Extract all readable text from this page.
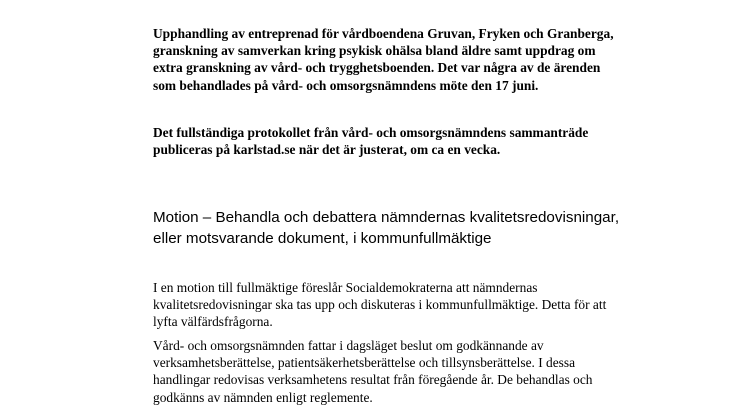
Upphandling av entreprenad för vårdboendena Gruvan, Fryken och Granberga, granskning av samverkan kring psykisk ohälsa bland äldre samt uppdrag om extra granskning av vård- och trygghetsboenden. Det var några av de ärenden som behandlades på vård- och omsorgsnämndens möte den 17 juni.

Det fullständiga protokollet från vård- och omsorgsnämndens sammanträde publiceras på karlstad.se när det är justerat, om ca en vecka.

Motion – Behandla och debattera nämndernas kvalitetsredovisningar, eller motsvarande dokument, i kommunfullmäktige

I en motion till fullmäktige föreslår Socialdemokraterna att nämndernas kvalitetsredovisningar ska tas upp och diskuteras i kommunfullmäktige. Detta för att lyfta välfärdsfrågorna.

Vård- och omsorgsnämnden fattar i dagsläget beslut om godkännande av verksamhetsberättelse, patientsäkerhetsberättelse och tillsynsberättelse. I dessa handlingar redovisas verksamhetens resultat från föregående år. De behandlas och godkänns av nämnden enligt reglemente.
